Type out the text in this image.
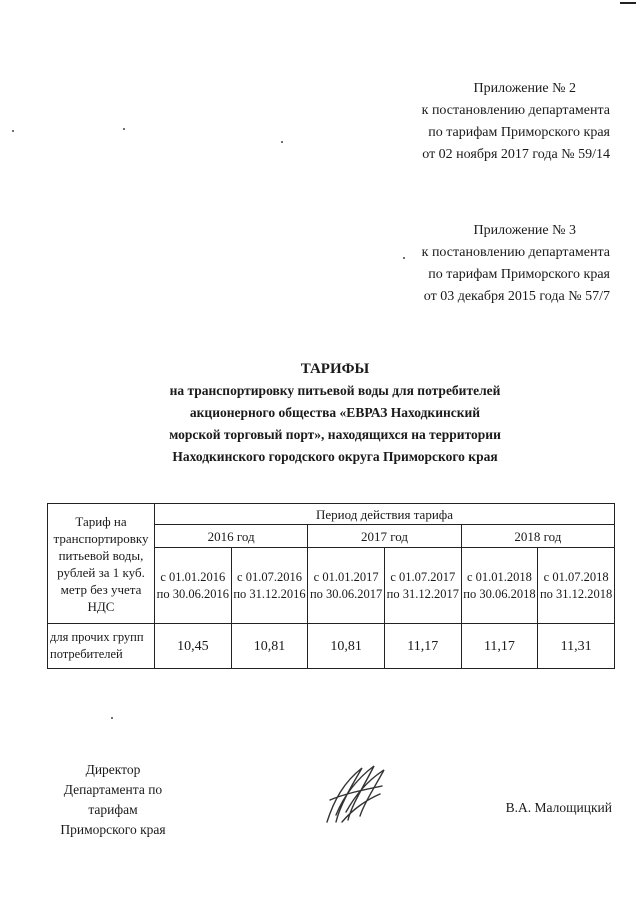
Приложение № 2
к постановлению департамента
по тарифам Приморского края
от 02 ноября 2017 года № 59/14
Приложение № 3
к постановлению департамента
по тарифам Приморского края
от 03 декабря 2015 года № 57/7
ТАРИФЫ
на транспортировку питьевой воды для потребителей
акционерного общества «ЕВРАЗ Находкинский
морской торговый порт», находящихся на территории
Находкинского городского округа Приморского края
Тариф на транспортировку питьевой воды, рублей за 1 куб. метр без учета НДС	Период действия тарифа					
	2016 год		2017 год		2018 год	
	с 01.01.2016 по 30.06.2016	с 01.07.2016 по 31.12.2016	с 01.01.2017 по 30.06.2017	с 01.07.2017 по 31.12.2017	с 01.01.2018 по 30.06.2018	с 01.07.2018 по 31.12.2018
для прочих групп потребителей	10,45	10,81	10,81	11,17	11,17	11,31
Директор
Департамента по тарифам
Приморского края
В.А. Малощицкий
